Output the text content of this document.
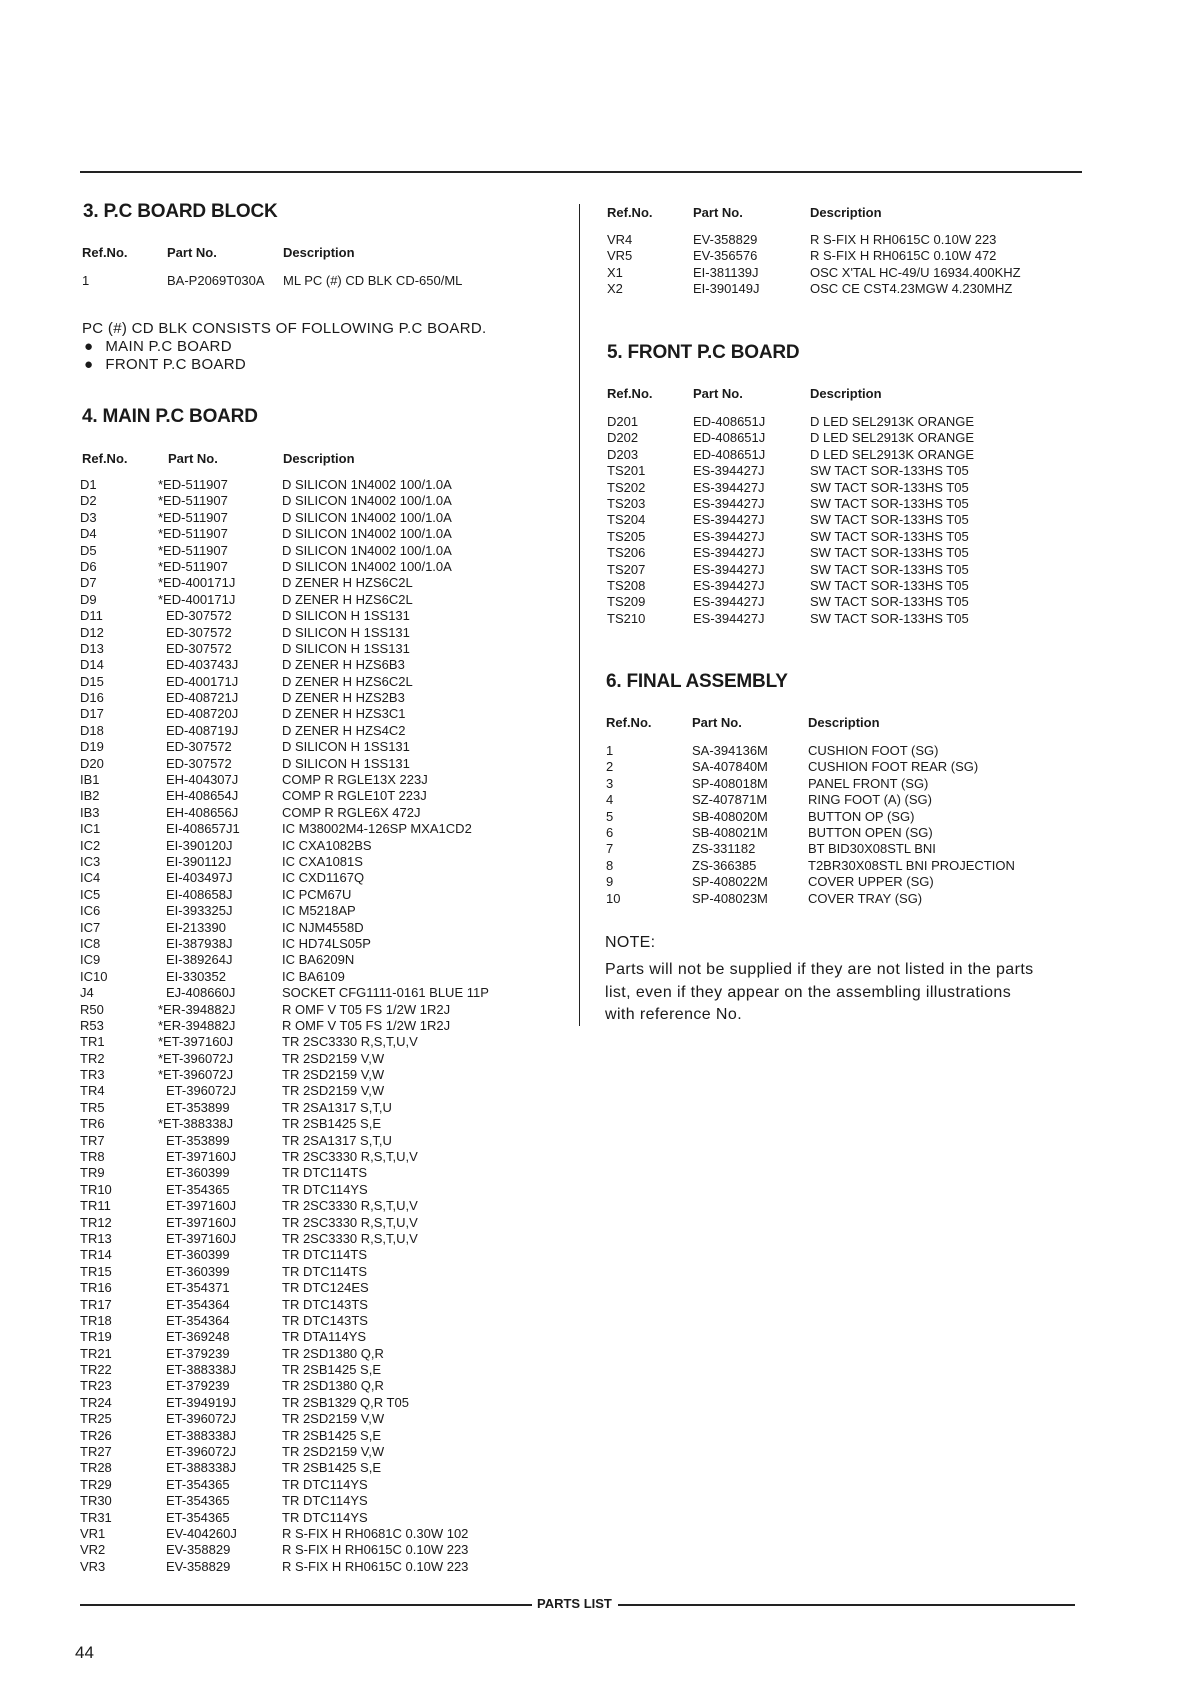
3. P.C BOARD BLOCK
Ref.No.	Part No.	Description
1	BA-P2069T030A ML PC (#) CD BLK CD-650/ML
PC (#) CD BLK CONSISTS OF FOLLOWING P.C BOARD.
● MAIN P.C BOARD
● FRONT P.C BOARD
4. MAIN P.C BOARD
Ref.No.	Part No.	Description
D1	*ED-511907	D SILICON 1N4002 100/1.0A
D2	*ED-511907	D SILICON 1N4002 100/1.0A
D3	*ED-511907	D SILICON 1N4002 100/1.0A
D4	*ED-511907	D SILICON 1N4002 100/1.0A
D5	*ED-511907	D SILICON 1N4002 100/1.0A
D6	*ED-511907	D SILICON 1N4002 100/1.0A
D7	*ED-400171J	D ZENER H HZS6C2L
D9	*ED-400171J	D ZENER H HZS6C2L
D11	ED-307572	D SILICON H 1SS131
D12	ED-307572	D SILICON H 1SS131
D13	ED-307572	D SILICON H 1SS131
D14	ED-403743J	D ZENER H HZS6B3
D15	ED-400171J	D ZENER H HZS6C2L
D16	ED-408721J	D ZENER H HZS2B3
D17	ED-408720J	D ZENER H HZS3C1
D18	ED-408719J	D ZENER H HZS4C2
D19	ED-307572	D SILICON H 1SS131
D20	ED-307572	D SILICON H 1SS131
IB1	EH-404307J	COMP R RGLE13X 223J
IB2	EH-408654J	COMP R RGLE10T 223J
IB3	EH-408656J	COMP R RGLE6X 472J
IC1	EI-408657J1	IC M38002M4-126SP MXA1CD2
IC2	EI-390120J	IC CXA1082BS
IC3	EI-390112J	IC CXA1081S
IC4	EI-403497J	IC CXD1167Q
IC5	EI-408658J	IC PCM67U
IC6	EI-393325J	IC M5218AP
IC7	EI-213390	IC NJM4558D
IC8	EI-387938J	IC HD74LS05P
IC9	EI-389264J	IC BA6209N
IC10	EI-330352	IC BA6109
J4	EJ-408660J	SOCKET CFG1111-0161 BLUE 11P
R50	*ER-394882J	R OMF V T05 FS 1/2W 1R2J
R53	*ER-394882J	R OMF V T05 FS 1/2W 1R2J
TR1	*ET-397160J	TR 2SC3330 R,S,T,U,V
TR2	*ET-396072J	TR 2SD2159 V,W
TR3	*ET-396072J	TR 2SD2159 V,W
TR4	ET-396072J	TR 2SD2159 V,W
TR5	ET-353899	TR 2SA1317 S,T,U
TR6	*ET-388338J	TR 2SB1425 S,E
TR7	ET-353899	TR 2SA1317 S,T,U
TR8	ET-397160J	TR 2SC3330 R,S,T,U,V
TR9	ET-360399	TR DTC114TS
TR10	ET-354365	TR DTC114YS
TR11	ET-397160J	TR 2SC3330 R,S,T,U,V
TR12	ET-397160J	TR 2SC3330 R,S,T,U,V
TR13	ET-397160J	TR 2SC3330 R,S,T,U,V
TR14	ET-360399	TR DTC114TS
TR15	ET-360399	TR DTC114TS
TR16	ET-354371	TR DTC124ES
TR17	ET-354364	TR DTC143TS
TR18	ET-354364	TR DTC143TS
TR19	ET-369248	TR DTA114YS
TR21	ET-379239	TR 2SD1380 Q,R
TR22	ET-388338J	TR 2SB1425 S,E
TR23	ET-379239	TR 2SD1380 Q,R
TR24	ET-394919J	TR 2SB1329 Q,R T05
TR25	ET-396072J	TR 2SD2159 V,W
TR26	ET-388338J	TR 2SB1425 S,E
TR27	ET-396072J	TR 2SD2159 V,W
TR28	ET-388338J	TR 2SB1425 S,E
TR29	ET-354365	TR DTC114YS
TR30	ET-354365	TR DTC114YS
TR31	ET-354365	TR DTC114YS
VR1	EV-404260J	R S-FIX H RH0681C 0.30W 102
VR2	EV-358829	R S-FIX H RH0615C 0.10W 223
VR3	EV-358829	R S-FIX H RH0615C 0.10W 223
Ref.No.	Part No.	Description
VR4	EV-358829	R S-FIX H RH0615C 0.10W 223
VR5	EV-356576	R S-FIX H RH0615C 0.10W 472
X1	EI-381139J	OSC X'TAL HC-49/U 16934.400KHZ
X2	EI-390149J	OSC CE CST4.23MGW 4.230MHZ
5. FRONT P.C BOARD
Ref.No.	Part No.	Description
D201	ED-408651J	D LED SEL2913K ORANGE
D202	ED-408651J	D LED SEL2913K ORANGE
D203	ED-408651J	D LED SEL2913K ORANGE
TS201	ES-394427J	SW TACT SOR-133HS T05
TS202	ES-394427J	SW TACT SOR-133HS T05
TS203	ES-394427J	SW TACT SOR-133HS T05
TS204	ES-394427J	SW TACT SOR-133HS T05
TS205	ES-394427J	SW TACT SOR-133HS T05
TS206	ES-394427J	SW TACT SOR-133HS T05
TS207	ES-394427J	SW TACT SOR-133HS T05
TS208	ES-394427J	SW TACT SOR-133HS T05
TS209	ES-394427J	SW TACT SOR-133HS T05
TS210	ES-394427J	SW TACT SOR-133HS T05
6. FINAL ASSEMBLY
Ref.No.	Part No.	Description
1	SA-394136M	CUSHION FOOT (SG)
2	SA-407840M	CUSHION FOOT REAR (SG)
3	SP-408018M	PANEL FRONT (SG)
4	SZ-407871M	RING FOOT (A) (SG)
5	SB-408020M	BUTTON OP (SG)
6	SB-408021M	BUTTON OPEN (SG)
7	ZS-331182	BT BID30X08STL BNI
8	ZS-366385	T2BR30X08STL BNI PROJECTION
9	SP-408022M	COVER UPPER (SG)
10	SP-408023M	COVER TRAY (SG)
NOTE:
Parts will not be supplied if they are not listed in the parts list, even if they appear on the assembling illustrations with reference No.
PARTS LIST
44
